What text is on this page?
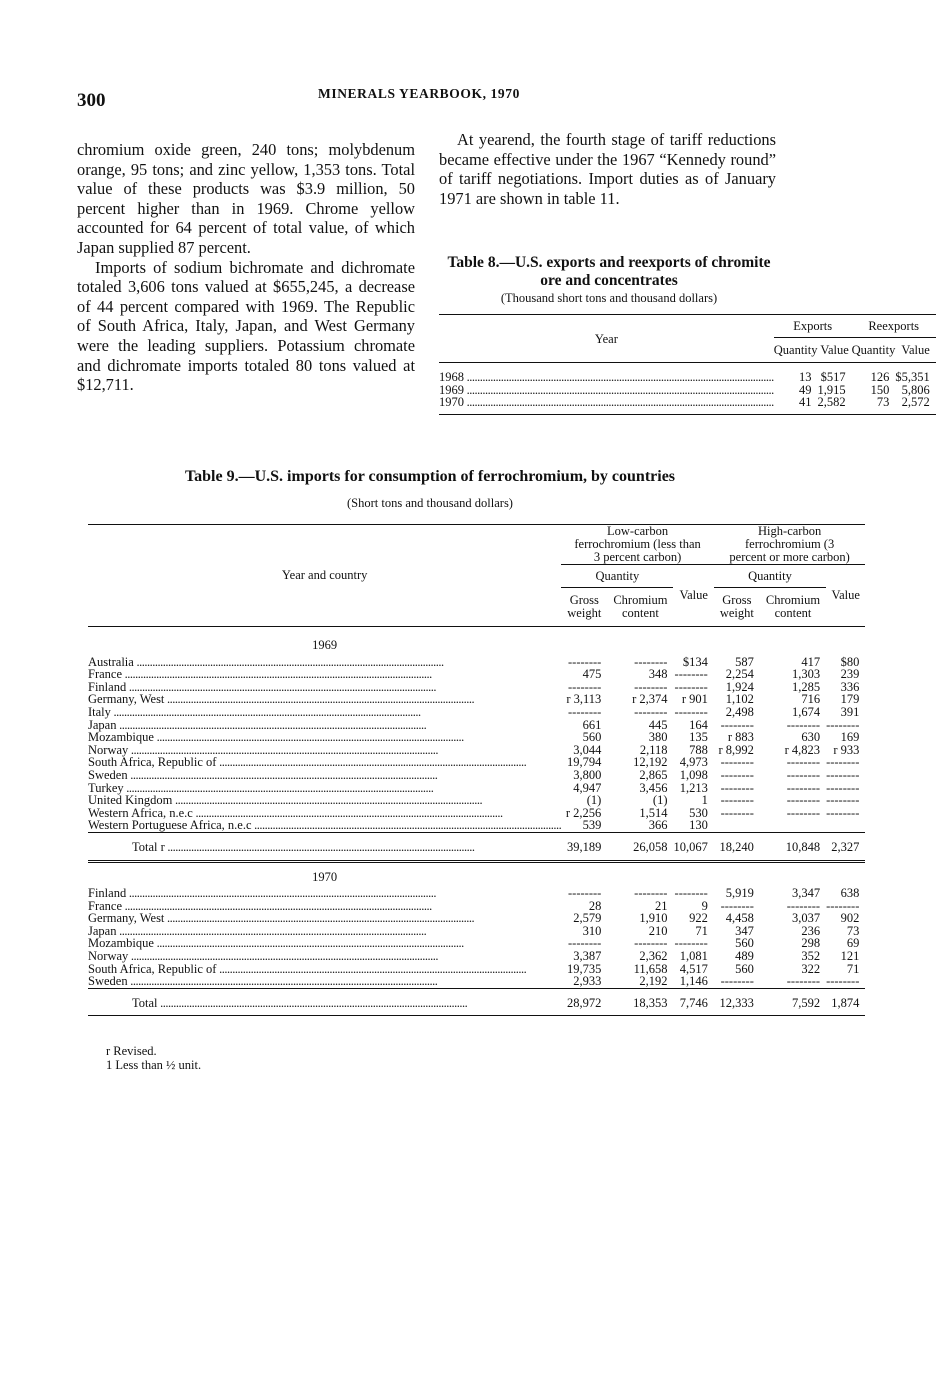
300	MINERALS YEARBOOK, 1970

chromium oxide green, 240 tons; molybdenum orange, 95 tons; and zinc yellow, 1,353 tons. Total value of these products was $3.9 million, 50 percent higher than in 1969. Chrome yellow accounted for 64 percent of total value, of which Japan supplied 87 percent.

Imports of sodium bichromate and dichromate totaled 3,606 tons valued at $655,245, a decrease of 44 percent compared with 1969. The Republic of South Africa, Italy, Japan, and West Germany were the leading suppliers. Potassium chromate and dichromate imports totaled 80 tons valued at $12,711.

At yearend, the fourth stage of tariff reductions became effective under the 1967 “Kennedy round” of tariff negotiations. Import duties as of January 1971 are shown in table 11.

Table 8.—U.S. exports and reexports of chromite ore and concentrates
(Thousand short tons and thousand dollars)
Year	Exports		Reexports	
	Quantity	Value	Quantity	Value
1968 .....	13	$517	126	$5,351
1969 .....	49	1,915	150	5,806
1970 .....	41	2,582	73	2,572

Table 9.—U.S. imports for consumption of ferrochromium, by countries
(Short tons and thousand dollars)
Year and country	Low-carbon ferrochromium (less than 3 percent carbon)			High-carbon ferrochromium (3 percent or more carbon)		
	Quantity		Value	Quantity		Value
	Gross weight	Chromium content		Gross weight	Chromium content	
1969						
Australia .....	--------	--------	$134	587	417	$80
France .....	475	348	--------	2,254	1,303	239
Finland .....	--------	--------	--------	1,924	1,285	336
Germany, West .....	r 3,113	r 2,374	r 901	1,102	716	179
Italy .....	--------	--------	--------	2,498	1,674	391
Japan .....	661	445	164	--------	--------	--------
Mozambique .....	560	380	135	r 883	630	169
Norway .....	3,044	2,118	788	r 8,992	r 4,823	r 933
South Africa, Republic of .....	19,794	12,192	4,973	--------	--------	--------
Sweden .....	3,800	2,865	1,098	--------	--------	--------
Turkey .....	4,947	3,456	1,213	--------	--------	--------
United Kingdom .....	(1)	(1)	1	--------	--------	--------
Western Africa, n.e.c .....	r 2,256	1,514	530	--------	--------	--------
Western Portuguese Africa, n.e.c .....	539	366	130			
Total r .....	39,189	26,058	10,067	18,240	10,848	2,327
1970						
Finland .....	--------	--------	--------	5,919	3,347	638
France .....	28	21	9	--------	--------	--------
Germany, West .....	2,579	1,910	922	4,458	3,037	902
Japan .....	310	210	71	347	236	73
Mozambique .....	--------	--------	--------	560	298	69
Norway .....	3,387	2,362	1,081	489	352	121
South Africa, Republic of .....	19,735	11,658	4,517	560	322	71
Sweden .....	2,933	2,192	1,146	--------	--------	--------
Total .....	28,972	18,353	7,746	12,333	7,592	1,874
r Revised.
1 Less than ½ unit.
